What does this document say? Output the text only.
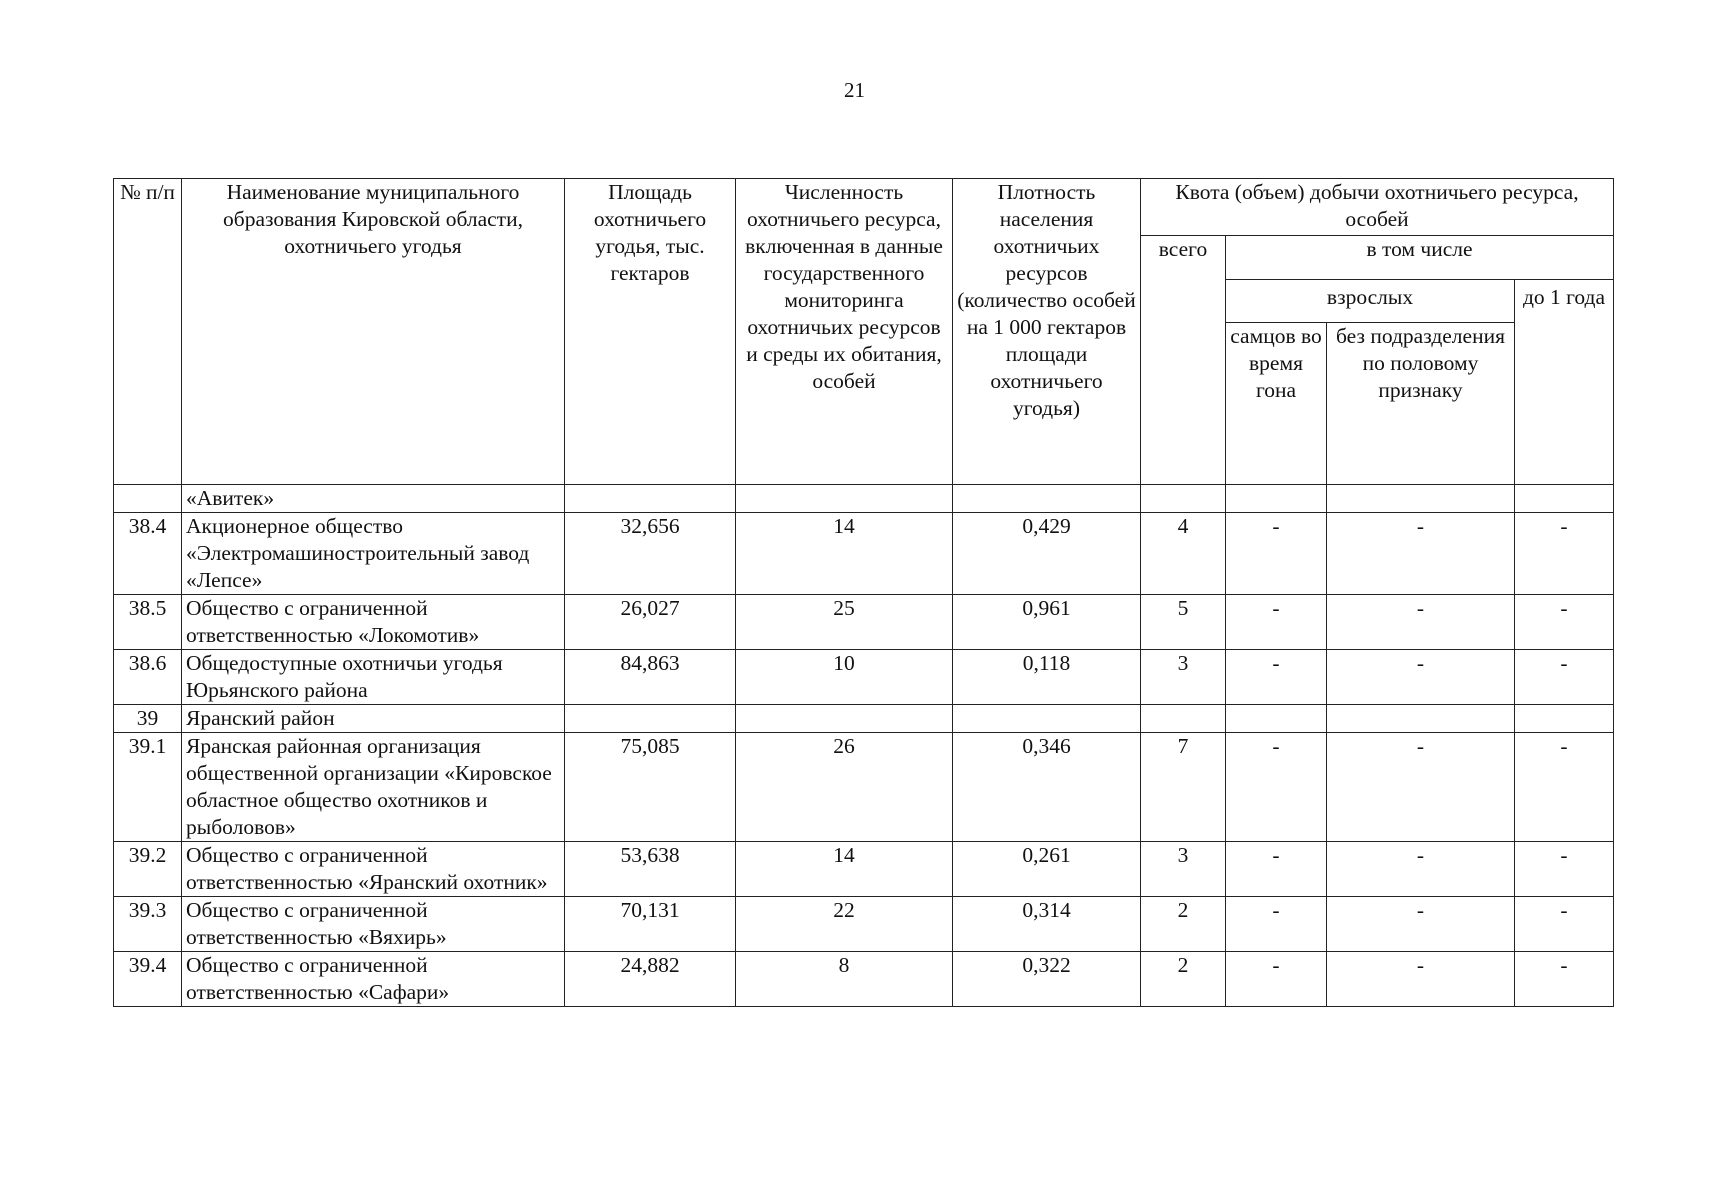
21
№ п/п	Наименование муниципального образования Кировской области, охотничьего угодья	Площадь охотничьего угодья, тыс. гектаров	Численность охотничьего ресурса, включенная в данные государственного мониторинга охотничьих ресурсов и среды их обитания, особей	Плотность населения охотничьих ресурсов (количество особей на 1 000 гектаров площади охотничьего угодья)	Квота (объем) добычи охотничьего ресурса, особей			
					всего	в том числе		
						взрослых		до 1 года
						самцов во время гона	без подразделения по половому признаку	
	«Авитек»							
38.4	Акционерное общество «Электромашиностроительный завод «Лепсе»	32,656	14	0,429	4	-	-	-
38.5	Общество с ограниченной ответственностью «Локомотив»	26,027	25	0,961	5	-	-	-
38.6	Общедоступные охотничьи угодья Юрьянского района	84,863	10	0,118	3	-	-	-
39	Яранский район							
39.1	Яранская районная организация общественной организации «Кировское областное общество охотников и рыболовов»	75,085	26	0,346	7	-	-	-
39.2	Общество с ограниченной ответственностью «Яранский охотник»	53,638	14	0,261	3	-	-	-
39.3	Общество с ограниченной ответственностью «Вяхирь»	70,131	22	0,314	2	-	-	-
39.4	Общество с ограниченной ответственностью «Сафари»	24,882	8	0,322	2	-	-	-
